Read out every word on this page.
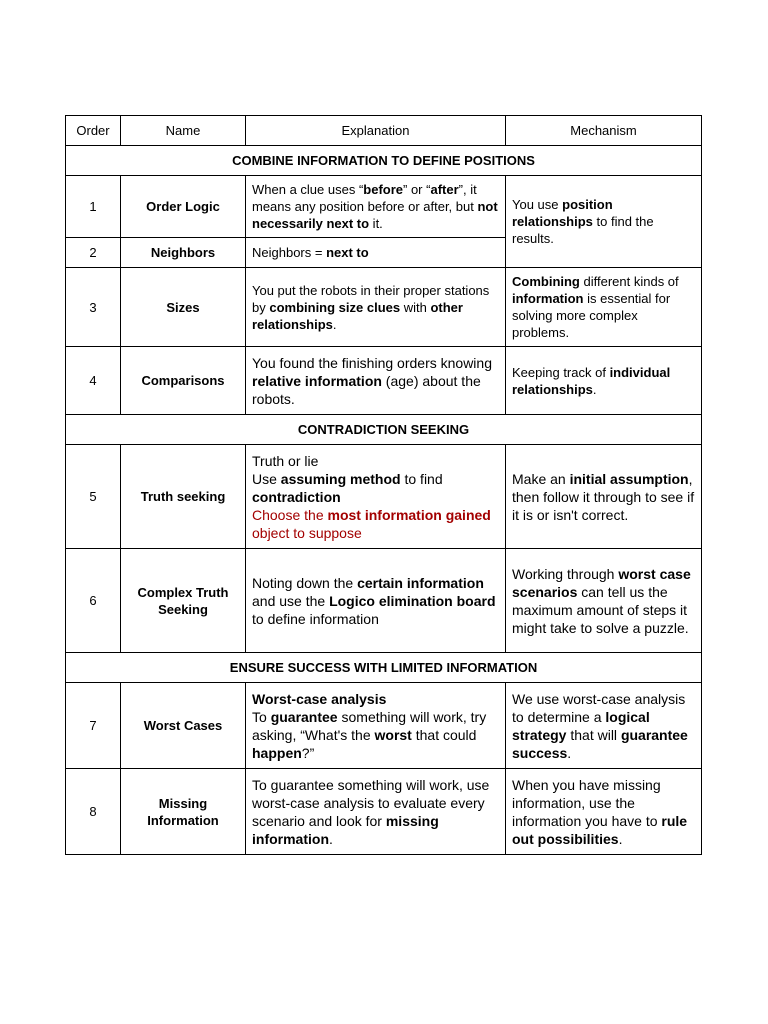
Order	Name	Explanation	Mechanism
COMBINE INFORMATION TO DEFINE POSITIONS			
1	Order Logic	When a clue uses “before” or “after”, it means any position before or after, but not necessarily next to it.	You use position relationships to find the results.
2	Neighbors	Neighbors = next to	
3	Sizes	You put the robots in their proper stations by combining size clues with other relationships.	Combining different kinds of information is essential for solving more complex problems.
4	Comparisons	You found the finishing orders knowing relative information (age) about the robots.	Keeping track of individual relationships.
CONTRADICTION SEEKING			
5	Truth seeking	Truth or lie
Use assuming method to find contradiction
Choose the most information gained object to suppose	Make an initial assumption, then follow it through to see if it is or isn't correct.
6	Complex Truth Seeking	Noting down the certain information and use the Logico elimination board to define information	Working through worst case scenarios can tell us the maximum amount of steps it might take to solve a puzzle.
ENSURE SUCCESS WITH LIMITED INFORMATION			
7	Worst Cases	Worst-case analysis
To guarantee something will work, try asking, “What's the worst that could happen?”	We use worst-case analysis to determine a logical strategy that will guarantee success.
8	Missing Information	To guarantee something will work, use worst-case analysis to evaluate every scenario and look for missing information.	When you have missing information, use the information you have to rule out possibilities.
